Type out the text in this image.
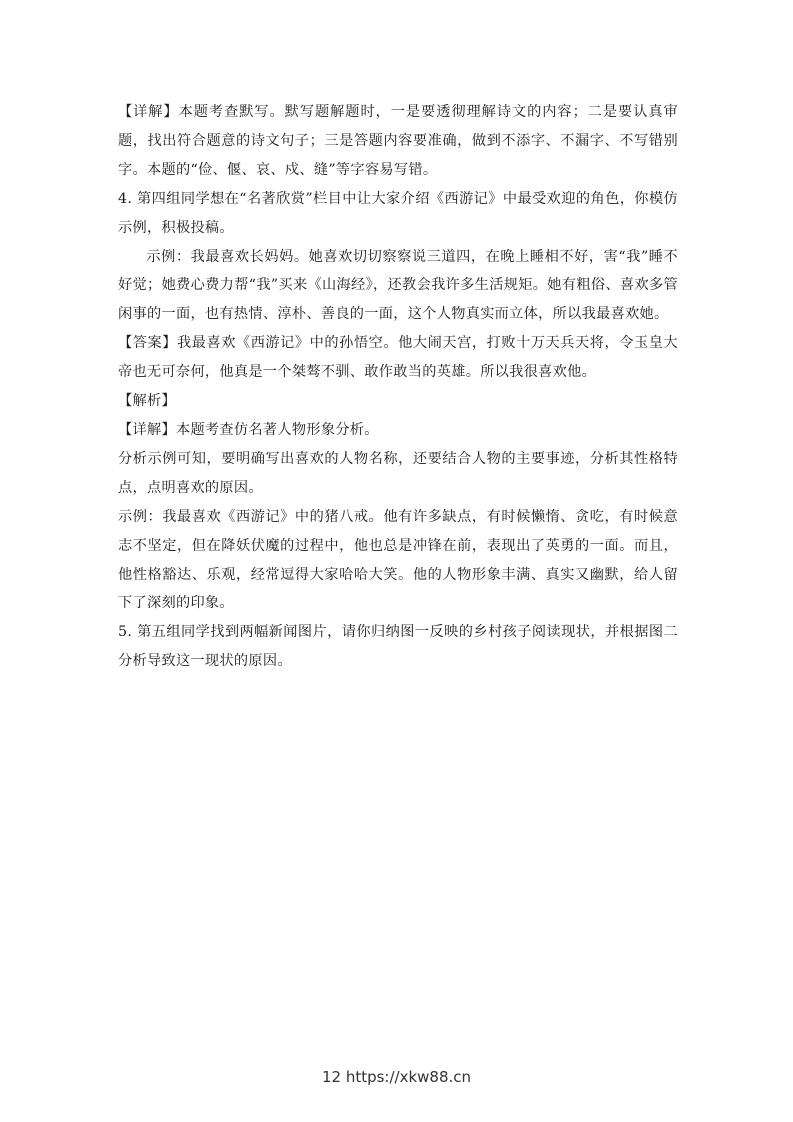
【详解】本题考查默写。默写题解题时，一是要透彻理解诗文的内容；二是要认真审题，找出符合题意的诗文句子；三是答题内容要准确，做到不添字、不漏字、不写错别字。本题的“俭、偃、哀、戍、缝”等字容易写错。

4. 第四组同学想在“名著欣赏”栏目中让大家介绍《西游记》中最受欢迎的角色，你模仿示例，积极投稿。

示例：我最喜欢长妈妈。她喜欢切切察察说三道四，在晚上睡相不好，害“我”睡不好觉；她费心费力帮“我”买来《山海经》，还教会我许多生活规矩。她有粗俗、喜欢多管闲事的一面，也有热情、淳朴、善良的一面，这个人物真实而立体，所以我最喜欢她。

【答案】我最喜欢《西游记》中的孙悟空。他大闹天宫，打败十万天兵天将，令玉皇大帝也无可奈何，他真是一个桀骜不驯、敢作敢当的英雄。所以我很喜欢他。

【解析】

【详解】本题考查仿名著人物形象分析。

分析示例可知，要明确写出喜欢的人物名称，还要结合人物的主要事迹，分析其性格特点，点明喜欢的原因。

示例：我最喜欢《西游记》中的猪八戒。他有许多缺点，有时候懒惰、贪吃，有时候意志不坚定，但在降妖伏魔的过程中，他也总是冲锋在前，表现出了英勇的一面。而且，他性格豁达、乐观，经常逗得大家哈哈大笑。他的人物形象丰满、真实又幽默，给人留下了深刻的印象。

5. 第五组同学找到两幅新闻图片，请你归纳图一反映的乡村孩子阅读现状，并根据图二分析导致这一现状的原因。

12 https://xkw88.cn
